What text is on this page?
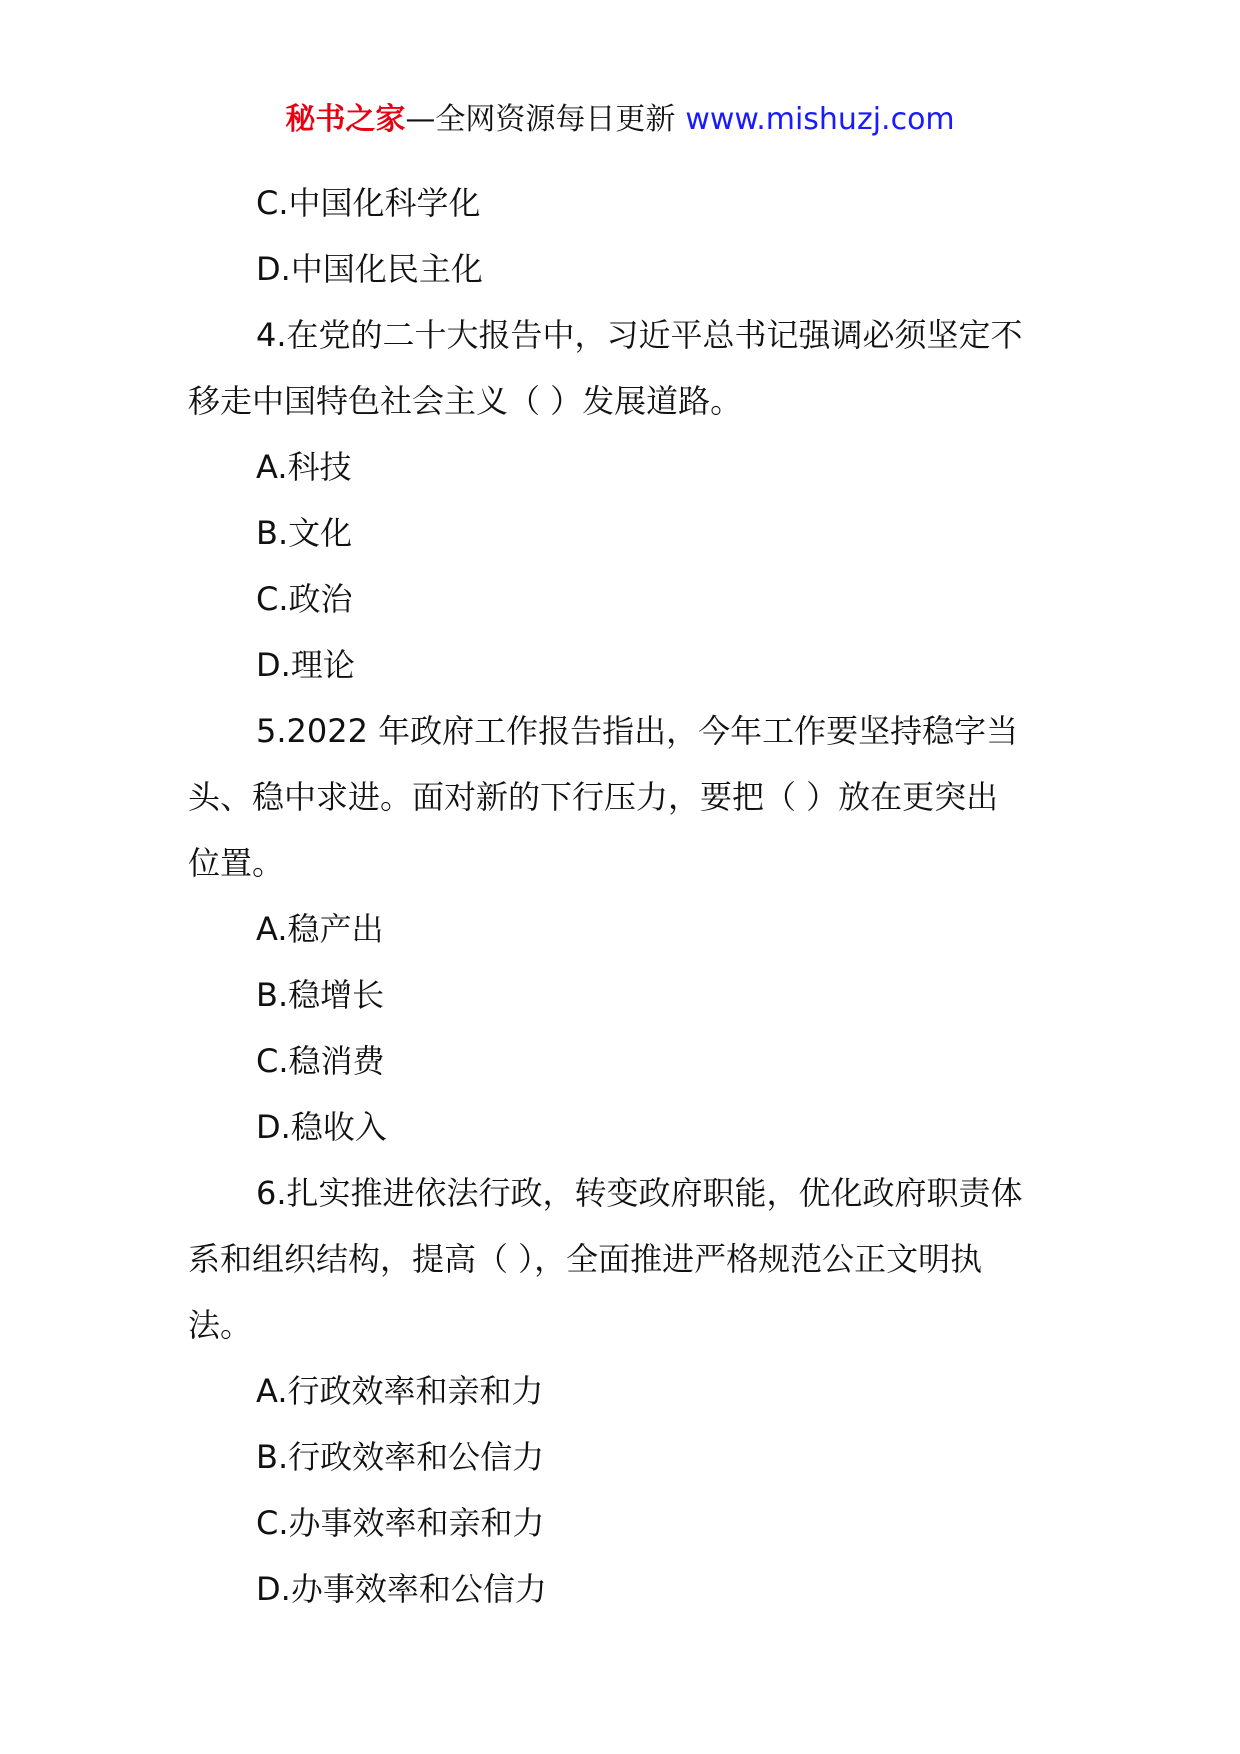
秘书之家—全网资源每日更新 www.mishuzj.com
C.中国化科学化
D.中国化民主化
4.在党的二十大报告中，习近平总书记强调必须坚定不
移走中国特色社会主义（ ）发展道路。
A.科技
B.文化
C.政治
D.理论
5.2022 年政府工作报告指出，今年工作要坚持稳字当
头、稳中求进。面对新的下行压力，要把（ ）放在更突出
位置。
A.稳产出
B.稳增长
C.稳消费
D.稳收入
6.扎实推进依法行政，转变政府职能，优化政府职责体
系和组织结构，提高（ ），全面推进严格规范公正文明执
法。
A.行政效率和亲和力
B.行政效率和公信力
C.办事效率和亲和力
D.办事效率和公信力
